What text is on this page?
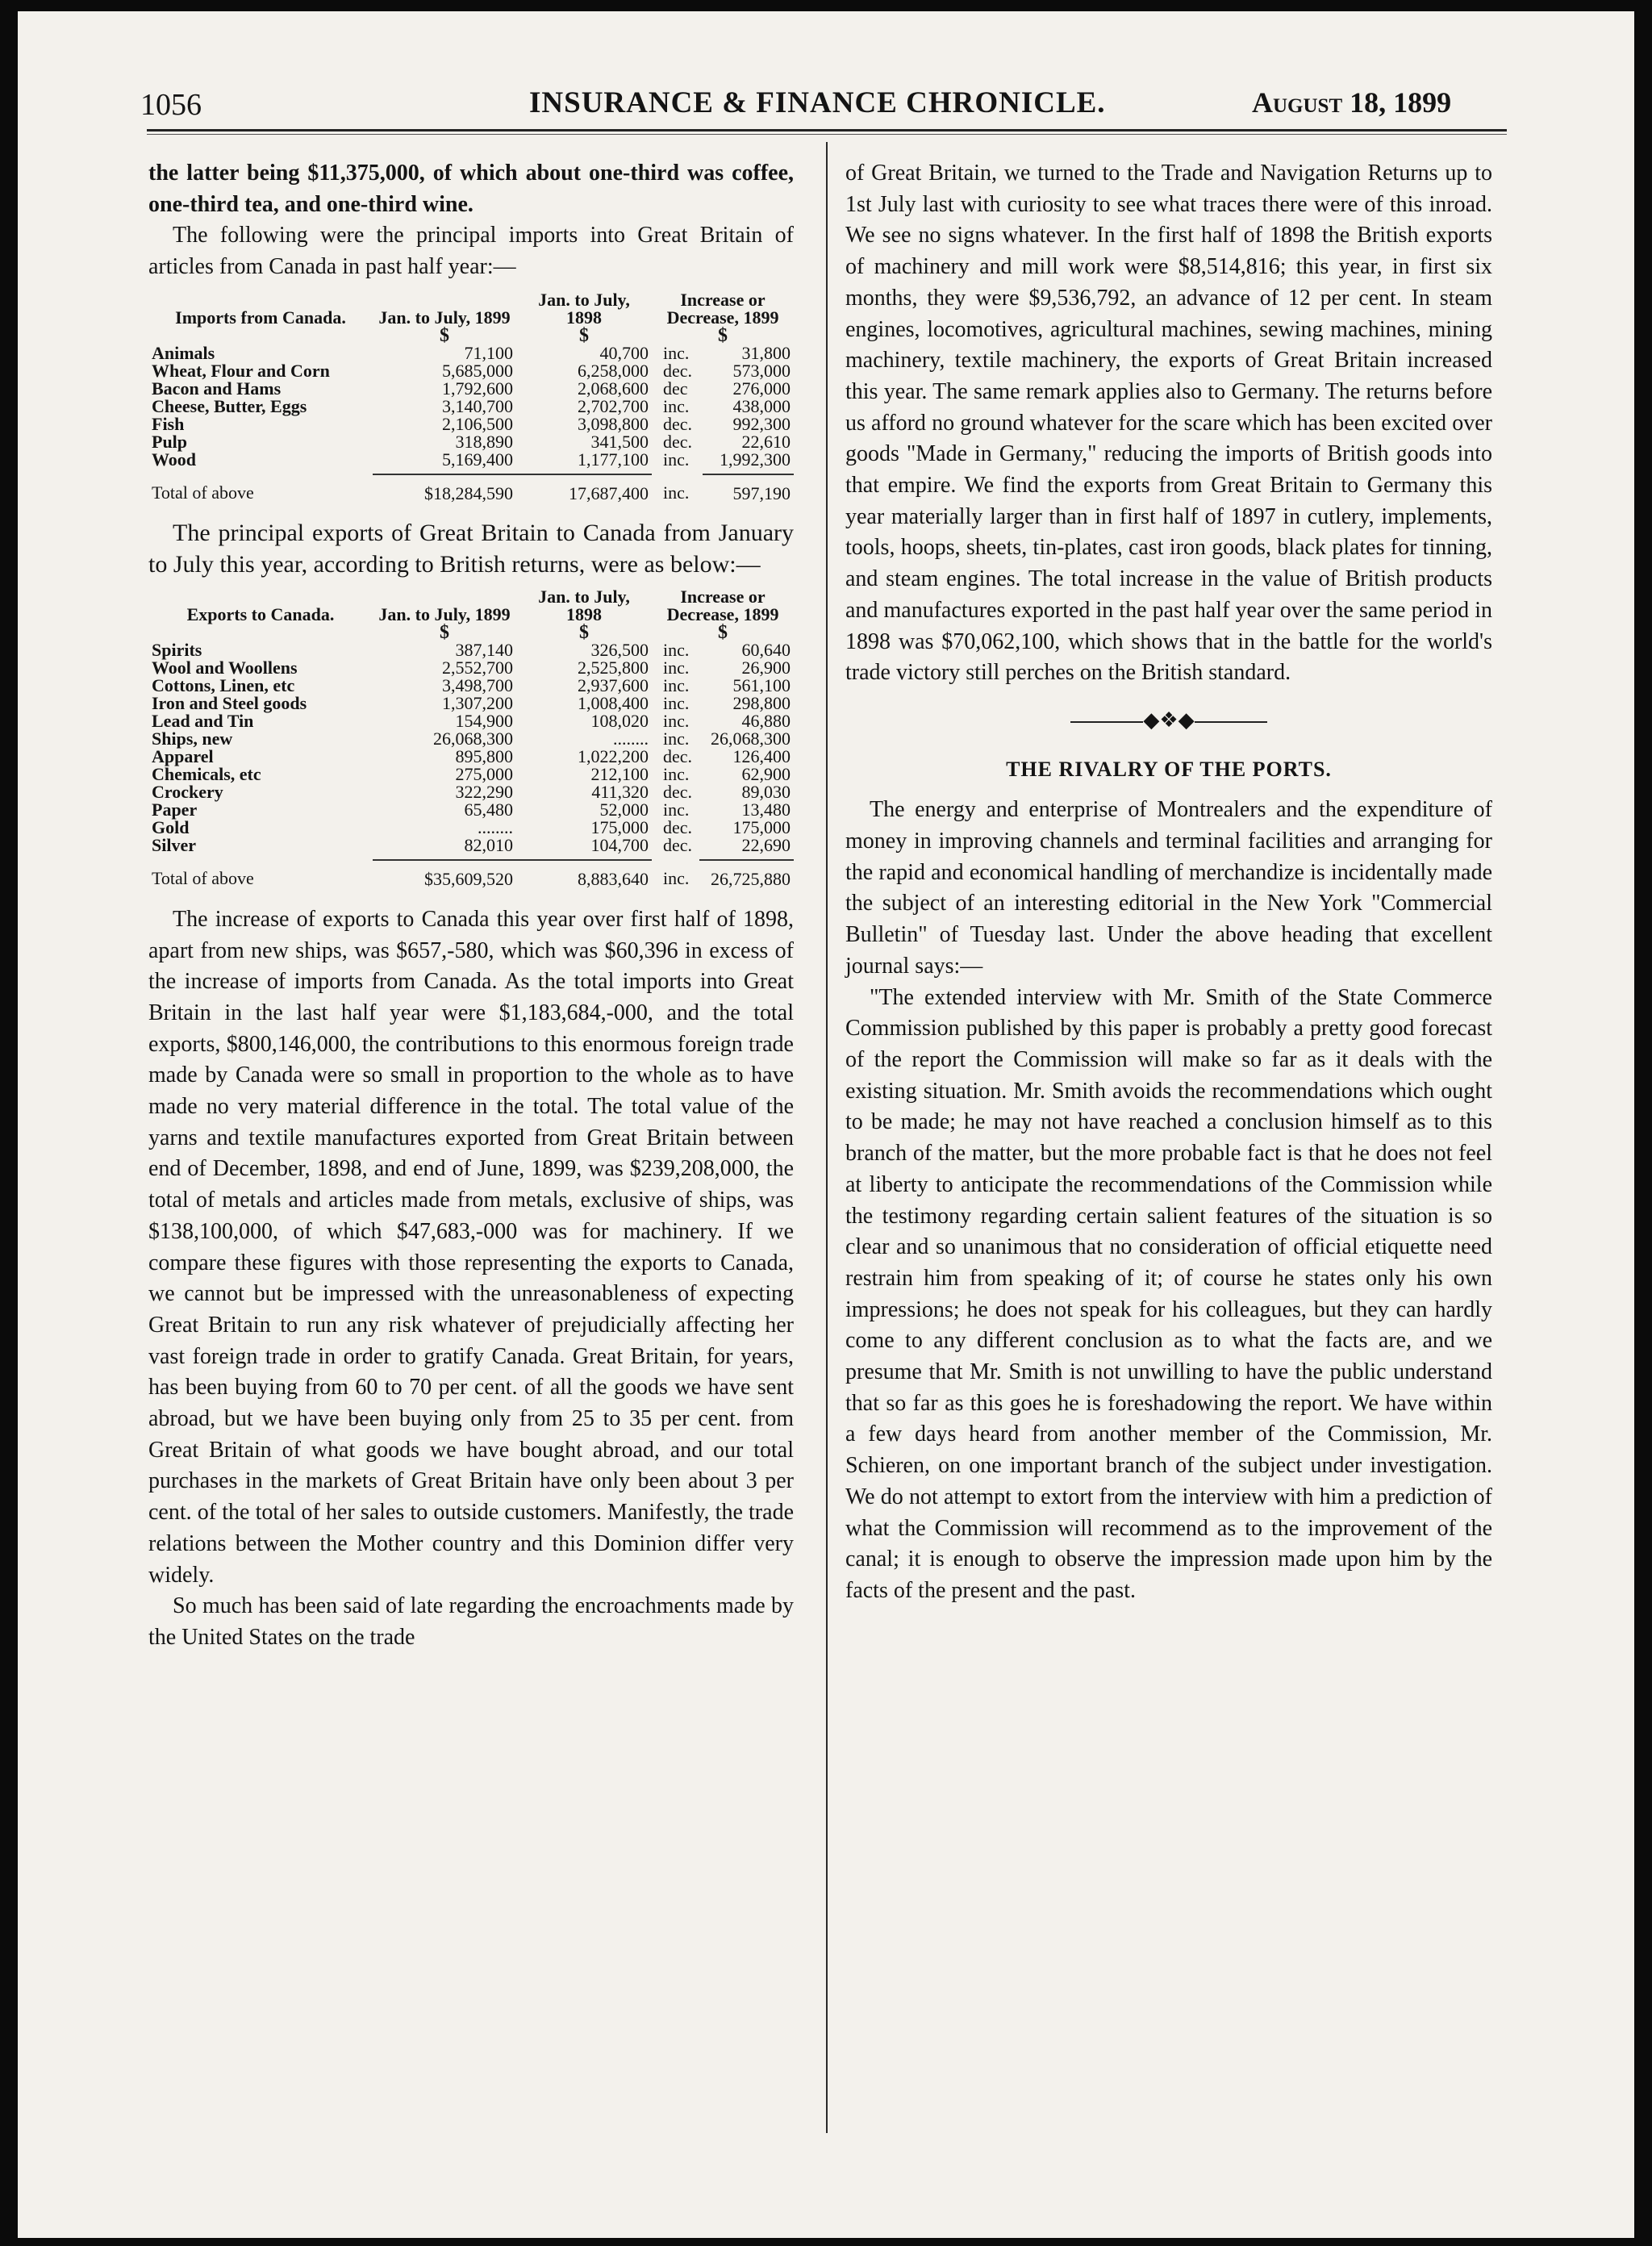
1056	INSURANCE & FINANCE CHRONICLE.	August 18, 1899

the latter being $11,375,000, of which about one-third was coffee, one-third tea, and one-third wine.

The following were the principal imports into Great Britain of articles from Canada in past half year:—

Imports from Canada.	Jan. to July, 1899	Jan. to July, 1898	Increase or Decrease, 1899	
	$	$	$	
Animals	71,100	40,700	inc.	31,800
Wheat, Flour and Corn	5,685,000	6,258,000	dec.	573,000
Bacon and Hams	1,792,600	2,068,600	dec	276,000
Cheese, Butter, Eggs	3,140,700	2,702,700	inc.	438,000
Fish	2,106,500	3,098,800	dec.	992,300
Pulp	318,890	341,500	dec.	22,610
Wood	5,169,400	1,177,100	inc.	1,992,300

Total of above	$18,284,590	17,687,400	inc.	597,190

The principal exports of Great Britain to Canada from January to July this year, according to British returns, were as below:—

Exports to Canada.	Jan. to July, 1899	Jan. to July, 1898	Increase or Decrease, 1899	
	$	$	$	
Spirits	387,140	326,500	inc.	60,640
Wool and Woollens	2,552,700	2,525,800	inc.	26,900
Cottons, Linen, etc	3,498,700	2,937,600	inc.	561,100
Iron and Steel goods	1,307,200	1,008,400	inc.	298,800
Lead and Tin	154,900	108,020	inc.	46,880
Ships, new	26,068,300	........	inc.	26,068,300
Apparel	895,800	1,022,200	dec.	126,400
Chemicals, etc	275,000	212,100	inc.	62,900
Crockery	322,290	411,320	dec.	89,030
Paper	65,480	52,000	inc.	13,480
Gold	........	175,000	dec.	175,000
Silver	82,010	104,700	dec.	22,690

Total of above	$35,609,520	8,883,640	inc.	26,725,880

The increase of exports to Canada this year over first half of 1898, apart from new ships, was $657,-580, which was $60,396 in excess of the increase of imports from Canada. As the total imports into Great Britain in the last half year were $1,183,684,-000, and the total exports, $800,146,000, the contributions to this enormous foreign trade made by Canada were so small in proportion to the whole as to have made no very material difference in the total. The total value of the yarns and textile manufactures exported from Great Britain between end of December, 1898, and end of June, 1899, was $239,208,000, the total of metals and articles made from metals, exclusive of ships, was $138,100,000, of which $47,683,-000 was for machinery. If we compare these figures with those representing the exports to Canada, we cannot but be impressed with the unreasonableness of expecting Great Britain to run any risk whatever of prejudicially affecting her vast foreign trade in order to gratify Canada. Great Britain, for years, has been buying from 60 to 70 per cent. of all the goods we have sent abroad, but we have been buying only from 25 to 35 per cent. from Great Britain of what goods we have bought abroad, and our total purchases in the markets of Great Britain have only been about 3 per cent. of the total of her sales to outside customers. Manifestly, the trade relations between the Mother country and this Dominion differ very widely.

So much has been said of late regarding the encroachments made by the United States on the trade

of Great Britain, we turned to the Trade and Navigation Returns up to 1st July last with curiosity to see what traces there were of this inroad. We see no signs whatever. In the first half of 1898 the British exports of machinery and mill work were $8,514,816; this year, in first six months, they were $9,536,792, an advance of 12 per cent. In steam engines, locomotives, agricultural machines, sewing machines, mining machinery, textile machinery, the exports of Great Britain increased this year. The same remark applies also to Germany. The returns before us afford no ground whatever for the scare which has been excited over goods "Made in Germany," reducing the imports of British goods into that empire. We find the exports from Great Britain to Germany this year materially larger than in first half of 1897 in cutlery, implements, tools, hoops, sheets, tin-plates, cast iron goods, black plates for tinning, and steam engines. The total increase in the value of British products and manufactures exported in the past half year over the same period in 1898 was $70,062,100, which shows that in the battle for the world's trade victory still perches on the British standard.

◆❖◆
THE RIVALRY OF THE PORTS.

The energy and enterprise of Montrealers and the expenditure of money in improving channels and terminal facilities and arranging for the rapid and economical handling of merchandize is incidentally made the subject of an interesting editorial in the New York "Commercial Bulletin" of Tuesday last. Under the above heading that excellent journal says:—

"The extended interview with Mr. Smith of the State Commerce Commission published by this paper is probably a pretty good forecast of the report the Commission will make so far as it deals with the existing situation. Mr. Smith avoids the recommendations which ought to be made; he may not have reached a conclusion himself as to this branch of the matter, but the more probable fact is that he does not feel at liberty to anticipate the recommendations of the Commission while the testimony regarding certain salient features of the situation is so clear and so unanimous that no consideration of official etiquette need restrain him from speaking of it; of course he states only his own impressions; he does not speak for his colleagues, but they can hardly come to any different conclusion as to what the facts are, and we presume that Mr. Smith is not unwilling to have the public understand that so far as this goes he is foreshadowing the report. We have within a few days heard from another member of the Commission, Mr. Schieren, on one important branch of the subject under investigation. We do not attempt to extort from the interview with him a prediction of what the Commission will recommend as to the improvement of the canal; it is enough to observe the impression made upon him by the facts of the present and the past.
